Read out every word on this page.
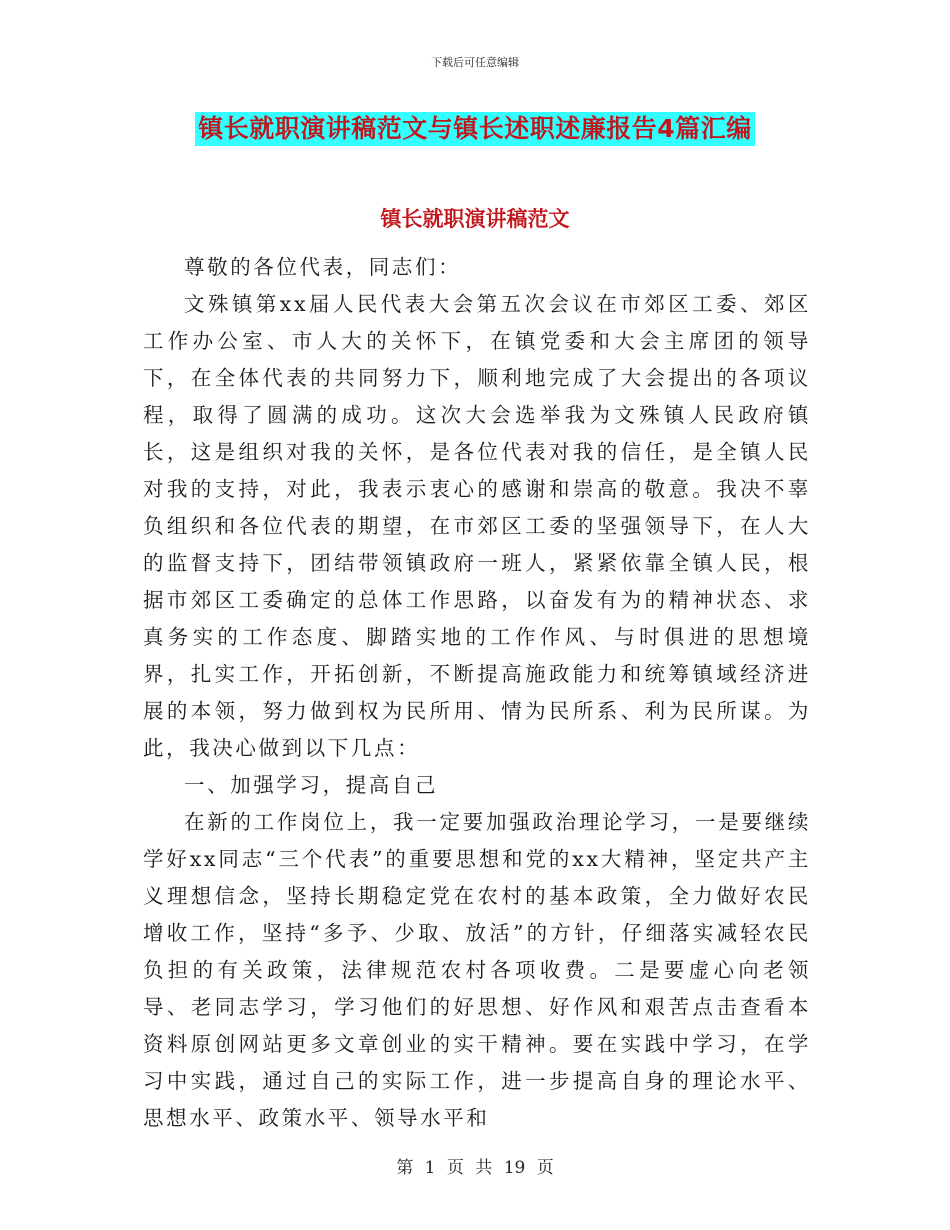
下载后可任意编辑
镇长就职演讲稿范文与镇长述职述廉报告4篇汇编
镇长就职演讲稿范文

尊敬的各位代表，同志们：

文殊镇第xx届人民代表大会第五次会议在市郊区工委、郊区工作办公室、市人大的关怀下，在镇党委和大会主席团的领导下，在全体代表的共同努力下，顺利地完成了大会提出的各项议程，取得了圆满的成功。这次大会选举我为文殊镇人民政府镇长，这是组织对我的关怀，是各位代表对我的信任，是全镇人民对我的支持，对此，我表示衷心的感谢和崇高的敬意。我决不辜负组织和各位代表的期望，在市郊区工委的坚强领导下，在人大的监督支持下，团结带领镇政府一班人，紧紧依靠全镇人民，根据市郊区工委确定的总体工作思路，以奋发有为的精神状态、求真务实的工作态度、脚踏实地的工作作风、与时俱进的思想境界，扎实工作，开拓创新，不断提高施政能力和统筹镇域经济进展的本领，努力做到权为民所用、情为民所系、利为民所谋。为此，我决心做到以下几点：

一、加强学习，提高自己

在新的工作岗位上，我一定要加强政治理论学习，一是要继续学好xx同志“三个代表”的重要思想和党的xx大精神，坚定共产主义理想信念，坚持长期稳定党在农村的基本政策，全力做好农民增收工作，坚持“多予、少取、放活”的方针，仔细落实减轻农民负担的有关政策，法律规范农村各项收费。二是要虚心向老领导、老同志学习，学习他们的好思想、好作风和艰苦点击查看本资料原创网站更多文章创业的实干精神。要在实践中学习，在学习中实践，通过自己的实际工作，进一步提高自身的理论水平、思想水平、政策水平、领导水平和

第 1 页 共 19 页
